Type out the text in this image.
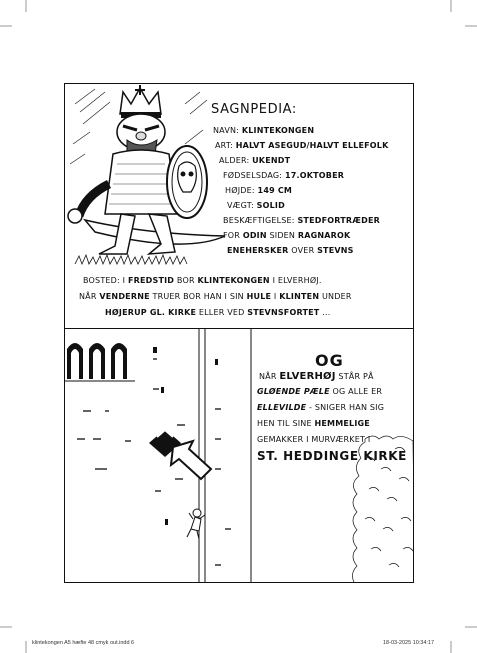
SAGNPEDIA:
NAVN: KLINTEKONGEN
ART: HALVT ASEGUD/HALVT ELLEFOLK
ALDER: UKENDT
FØDSELSDAG: 17.OKTOBER
HØJDE: 149 CM
VÆGT: SOLID
BESKÆFTIGELSE: STEDFORTRÆDER
FOR ODIN SIDEN RAGNAROK
ENEHERSKER OVER STEVNS
BOSTED: I FREDSTID BOR KLINTEKONGEN I ELVERHØJ.
NÅR VENDERNE TRUER BOR HAN I SIN HULE I KLINTEN UNDER
HØJERUP GL. KIRKE ELLER VED STEVNSFORTET ...
OG
NÅR ELVERHØJ STÅR PÅ
GLØENDE PÆLE OG ALLE ER
ELLEVILDE - SNIGER HAN SIG
HEN TIL SINE HEMMELIGE
GEMAKKER I MURVÆRKET I
ST. HEDDINGE KIRKE
klintekongen A5 hæfte 48 cmyk out.indd 6	18-03-2025 10:34:17
